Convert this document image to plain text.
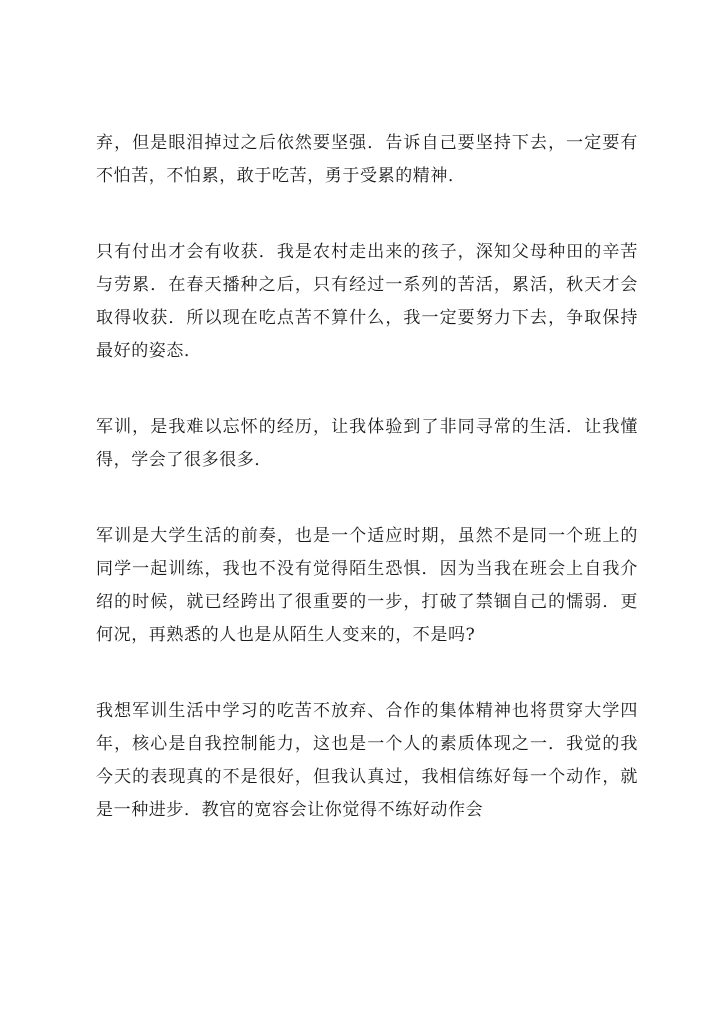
弃，但是眼泪掉过之后依然要坚强．告诉自己要坚持下去，一定要有不怕苦，不怕累，敢于吃苦，勇于受累的精神．

只有付出才会有收获．我是农村走出来的孩子，深知父母种田的辛苦与劳累．在春天播种之后，只有经过一系列的苦活，累活，秋天才会取得收获．所以现在吃点苦不算什么，我一定要努力下去，争取保持最好的姿态．

军训，是我难以忘怀的经历，让我体验到了非同寻常的生活．让我懂得，学会了很多很多．

军训是大学生活的前奏，也是一个适应时期，虽然不是同一个班上的同学一起训练，我也不没有觉得陌生恐惧．因为当我在班会上自我介绍的时候，就已经跨出了很重要的一步，打破了禁锢自己的懦弱．更何况，再熟悉的人也是从陌生人变来的，不是吗?

我想军训生活中学习的吃苦不放弃、合作的集体精神也将贯穿大学四年，核心是自我控制能力，这也是一个人的素质体现之一．我觉的我今天的表现真的不是很好，但我认真过，我相信练好每一个动作，就是一种进步．教官的宽容会让你觉得不练好动作会
